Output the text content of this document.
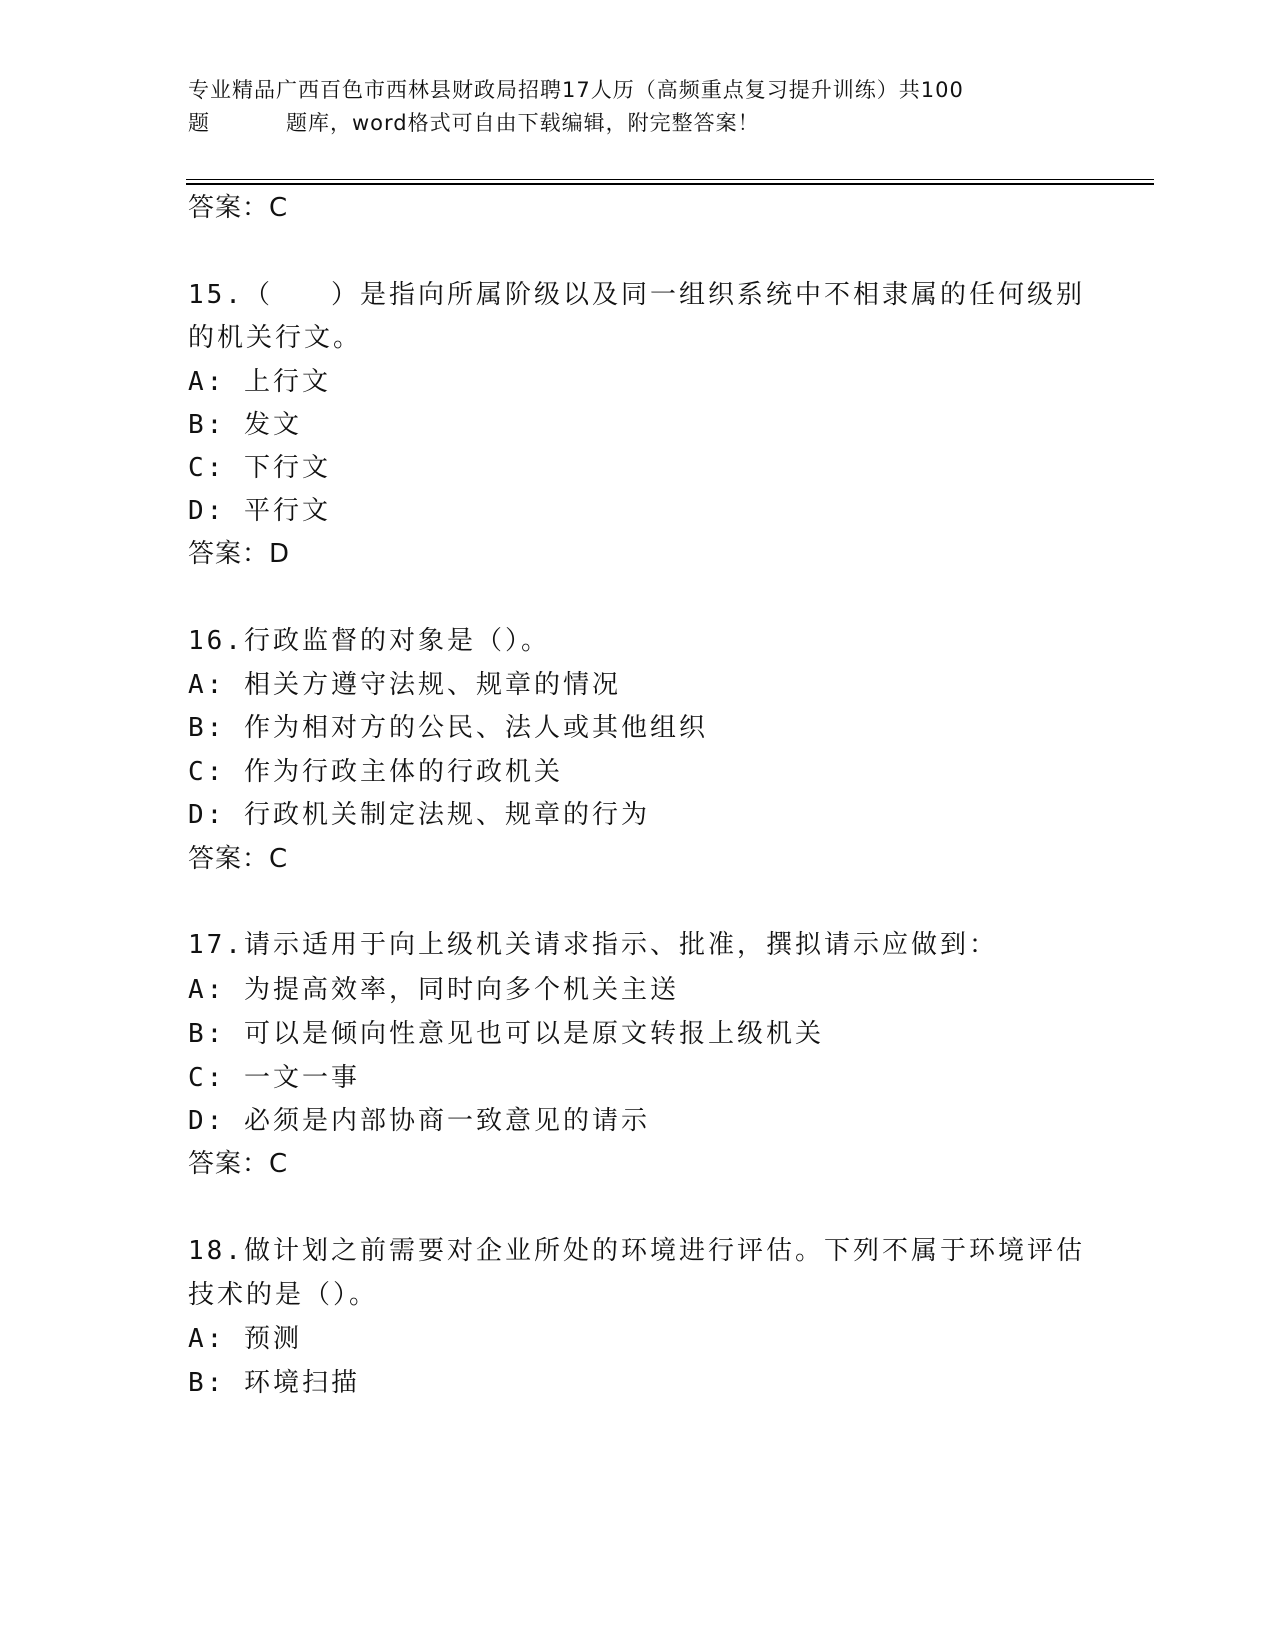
专业精品广西百色市西林县财政局招聘17人历（高频重点复习提升训练）共100
题	题库，word格式可自由下载编辑，附完整答案！

答案：C

15.（　　）是指向所属阶级以及同一组织系统中不相隶属的任何级别

的机关行文。

A: 上行文

B: 发文

C: 下行文

D: 平行文

答案：D

16.行政监督的对象是（）。

A: 相关方遵守法规、规章的情况

B: 作为相对方的公民、法人或其他组织

C: 作为行政主体的行政机关

D: 行政机关制定法规、规章的行为

答案：C

17.请示适用于向上级机关请求指示、批准，撰拟请示应做到：

A: 为提高效率，同时向多个机关主送

B: 可以是倾向性意见也可以是原文转报上级机关

C: 一文一事

D: 必须是内部协商一致意见的请示

答案：C

18.做计划之前需要对企业所处的环境进行评估。下列不属于环境评估

技术的是（）。

A: 预测

B: 环境扫描
